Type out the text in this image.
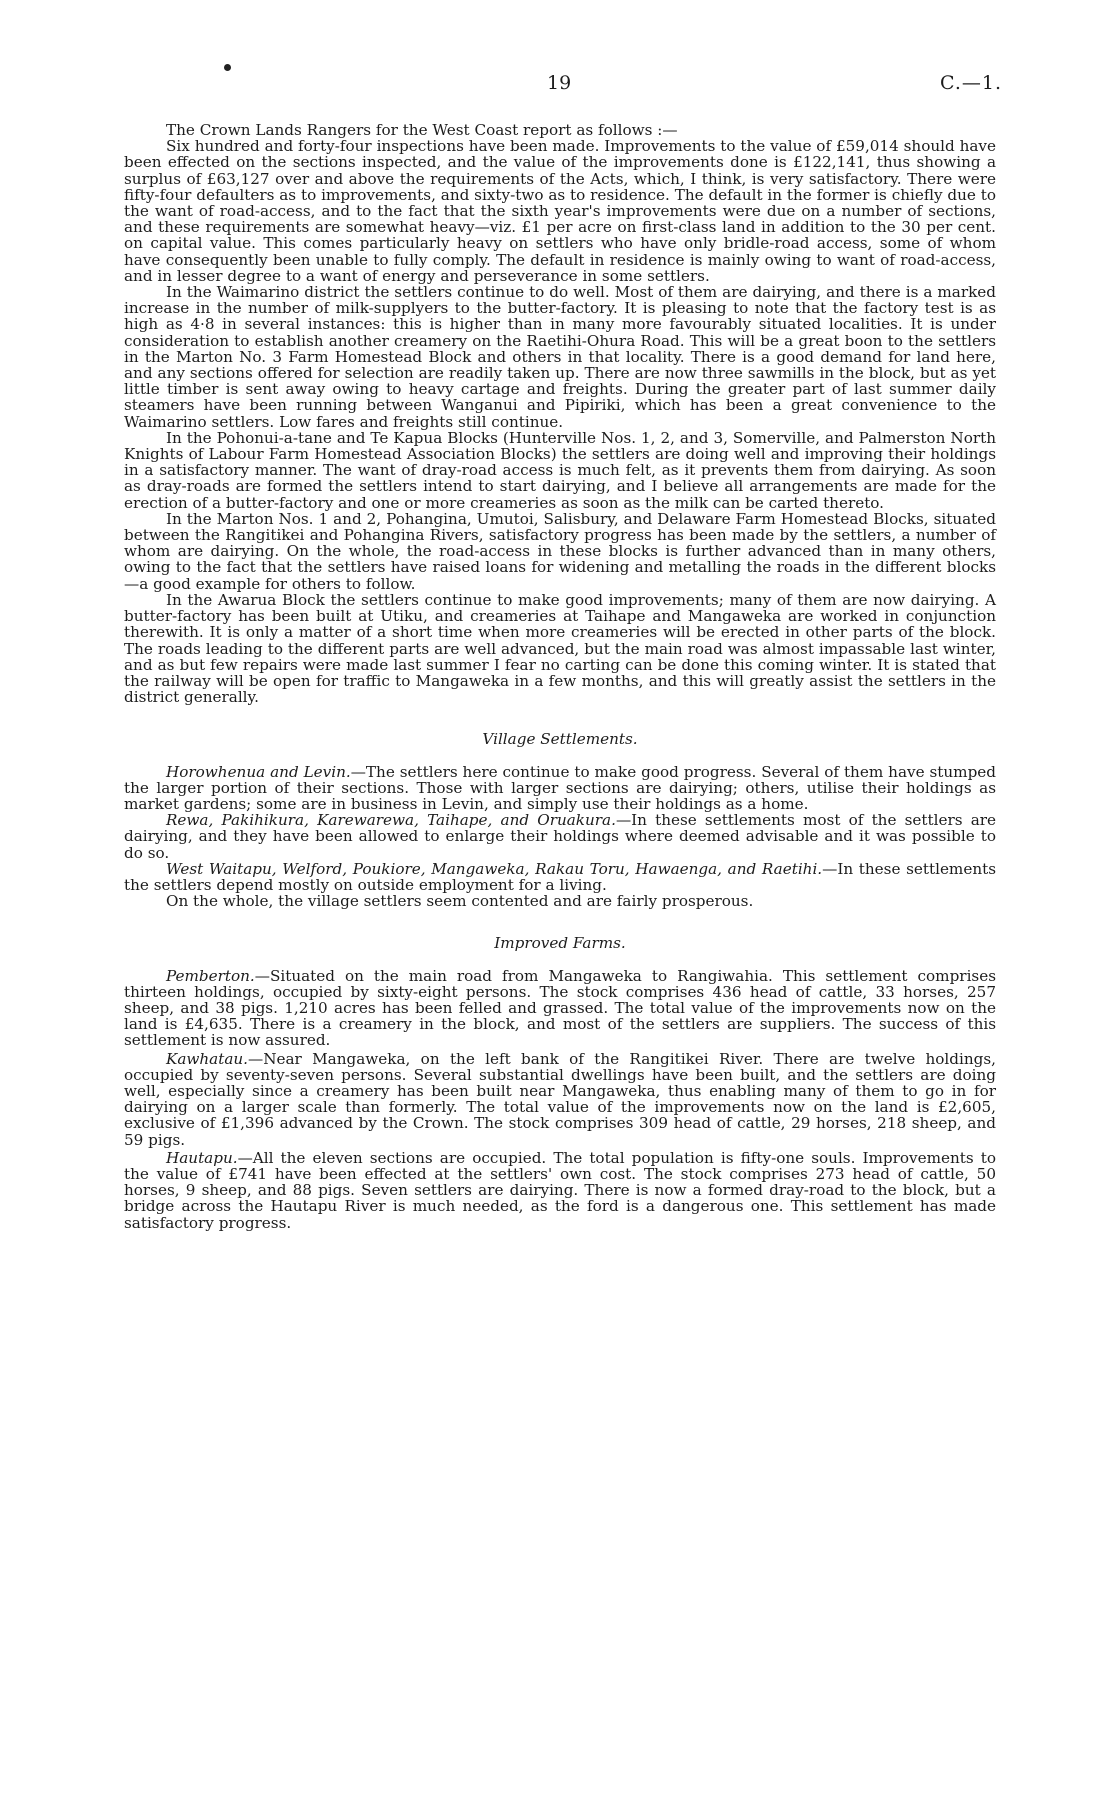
19	C.—1.

The Crown Lands Rangers for the West Coast report as follows :—

Six hundred and forty-four inspections have been made. Improvements to the value of £59,014 should have been effected on the sections inspected, and the value of the improvements done is £122,141, thus showing a surplus of £63,127 over and above the requirements of the Acts, which, I think, is very satisfactory. There were fifty-four defaulters as to improvements, and sixty-two as to residence. The default in the former is chiefly due to the want of road-access, and to the fact that the sixth year's improvements were due on a number of sections, and these requirements are somewhat heavy—viz. £1 per acre on first-class land in addition to the 30 per cent. on capital value. This comes particularly heavy on settlers who have only bridle-road access, some of whom have consequently been unable to fully comply. The default in residence is mainly owing to want of road-access, and in lesser degree to a want of energy and perseverance in some settlers.

In the Waimarino district the settlers continue to do well. Most of them are dairying, and there is a marked increase in the number of milk-supplyers to the butter-factory. It is pleasing to note that the factory test is as high as 4·8 in several instances: this is higher than in many more favourably situated localities. It is under consideration to establish another creamery on the Raetihi-Ohura Road. This will be a great boon to the settlers in the Marton No. 3 Farm Homestead Block and others in that locality. There is a good demand for land here, and any sections offered for selection are readily taken up. There are now three sawmills in the block, but as yet little timber is sent away owing to heavy cartage and freights. During the greater part of last summer daily steamers have been running between Wanganui and Pipiriki, which has been a great convenience to the Waimarino settlers. Low fares and freights still continue.

In the Pohonui-a-tane and Te Kapua Blocks (Hunterville Nos. 1, 2, and 3, Somerville, and Palmerston North Knights of Labour Farm Homestead Association Blocks) the settlers are doing well and improving their holdings in a satisfactory manner. The want of dray-road access is much felt, as it prevents them from dairying. As soon as dray-roads are formed the settlers intend to start dairying, and I believe all arrangements are made for the erection of a butter-factory and one or more creameries as soon as the milk can be carted thereto.

In the Marton Nos. 1 and 2, Pohangina, Umutoi, Salisbury, and Delaware Farm Homestead Blocks, situated between the Rangitikei and Pohangina Rivers, satisfactory progress has been made by the settlers, a number of whom are dairying. On the whole, the road-access in these blocks is further advanced than in many others, owing to the fact that the settlers have raised loans for widening and metalling the roads in the different blocks—a good example for others to follow.

In the Awarua Block the settlers continue to make good improvements; many of them are now dairying. A butter-factory has been built at Utiku, and creameries at Taihape and Mangaweka are worked in conjunction therewith. It is only a matter of a short time when more creameries will be erected in other parts of the block. The roads leading to the different parts are well advanced, but the main road was almost impassable last winter, and as but few repairs were made last summer I fear no carting can be done this coming winter. It is stated that the railway will be open for traffic to Mangaweka in a few months, and this will greatly assist the settlers in the district generally.

Village Settlements.

Horowhenua and Levin.—The settlers here continue to make good progress. Several of them have stumped the larger portion of their sections. Those with larger sections are dairying; others, utilise their holdings as market gardens; some are in business in Levin, and simply use their holdings as a home.

Rewa, Pakihikura, Karewarewa, Taihape, and Oruakura.—In these settlements most of the settlers are dairying, and they have been allowed to enlarge their holdings where deemed advisable and it was possible to do so.

West Waitapu, Welford, Poukiore, Mangaweka, Rakau Toru, Hawaenga, and Raetihi.—In these settlements the settlers depend mostly on outside employment for a living.

On the whole, the village settlers seem contented and are fairly prosperous.

Improved Farms.

Pemberton.—Situated on the main road from Mangaweka to Rangiwahia. This settlement comprises thirteen holdings, occupied by sixty-eight persons. The stock comprises 436 head of cattle, 33 horses, 257 sheep, and 38 pigs. 1,210 acres has been felled and grassed. The total value of the improvements now on the land is £4,635. There is a creamery in the block, and most of the settlers are suppliers. The success of this settlement is now assured.

Kawhatau.—Near Mangaweka, on the left bank of the Rangitikei River. There are twelve holdings, occupied by seventy-seven persons. Several substantial dwellings have been built, and the settlers are doing well, especially since a creamery has been built near Mangaweka, thus enabling many of them to go in for dairying on a larger scale than formerly. The total value of the improvements now on the land is £2,605, exclusive of £1,396 advanced by the Crown. The stock comprises 309 head of cattle, 29 horses, 218 sheep, and 59 pigs.

Hautapu.—All the eleven sections are occupied. The total population is fifty-one souls. Improvements to the value of £741 have been effected at the settlers' own cost. The stock comprises 273 head of cattle, 50 horses, 9 sheep, and 88 pigs. Seven settlers are dairying. There is now a formed dray-road to the block, but a bridge across the Hautapu River is much needed, as the ford is a dangerous one. This settlement has made satisfactory progress.
